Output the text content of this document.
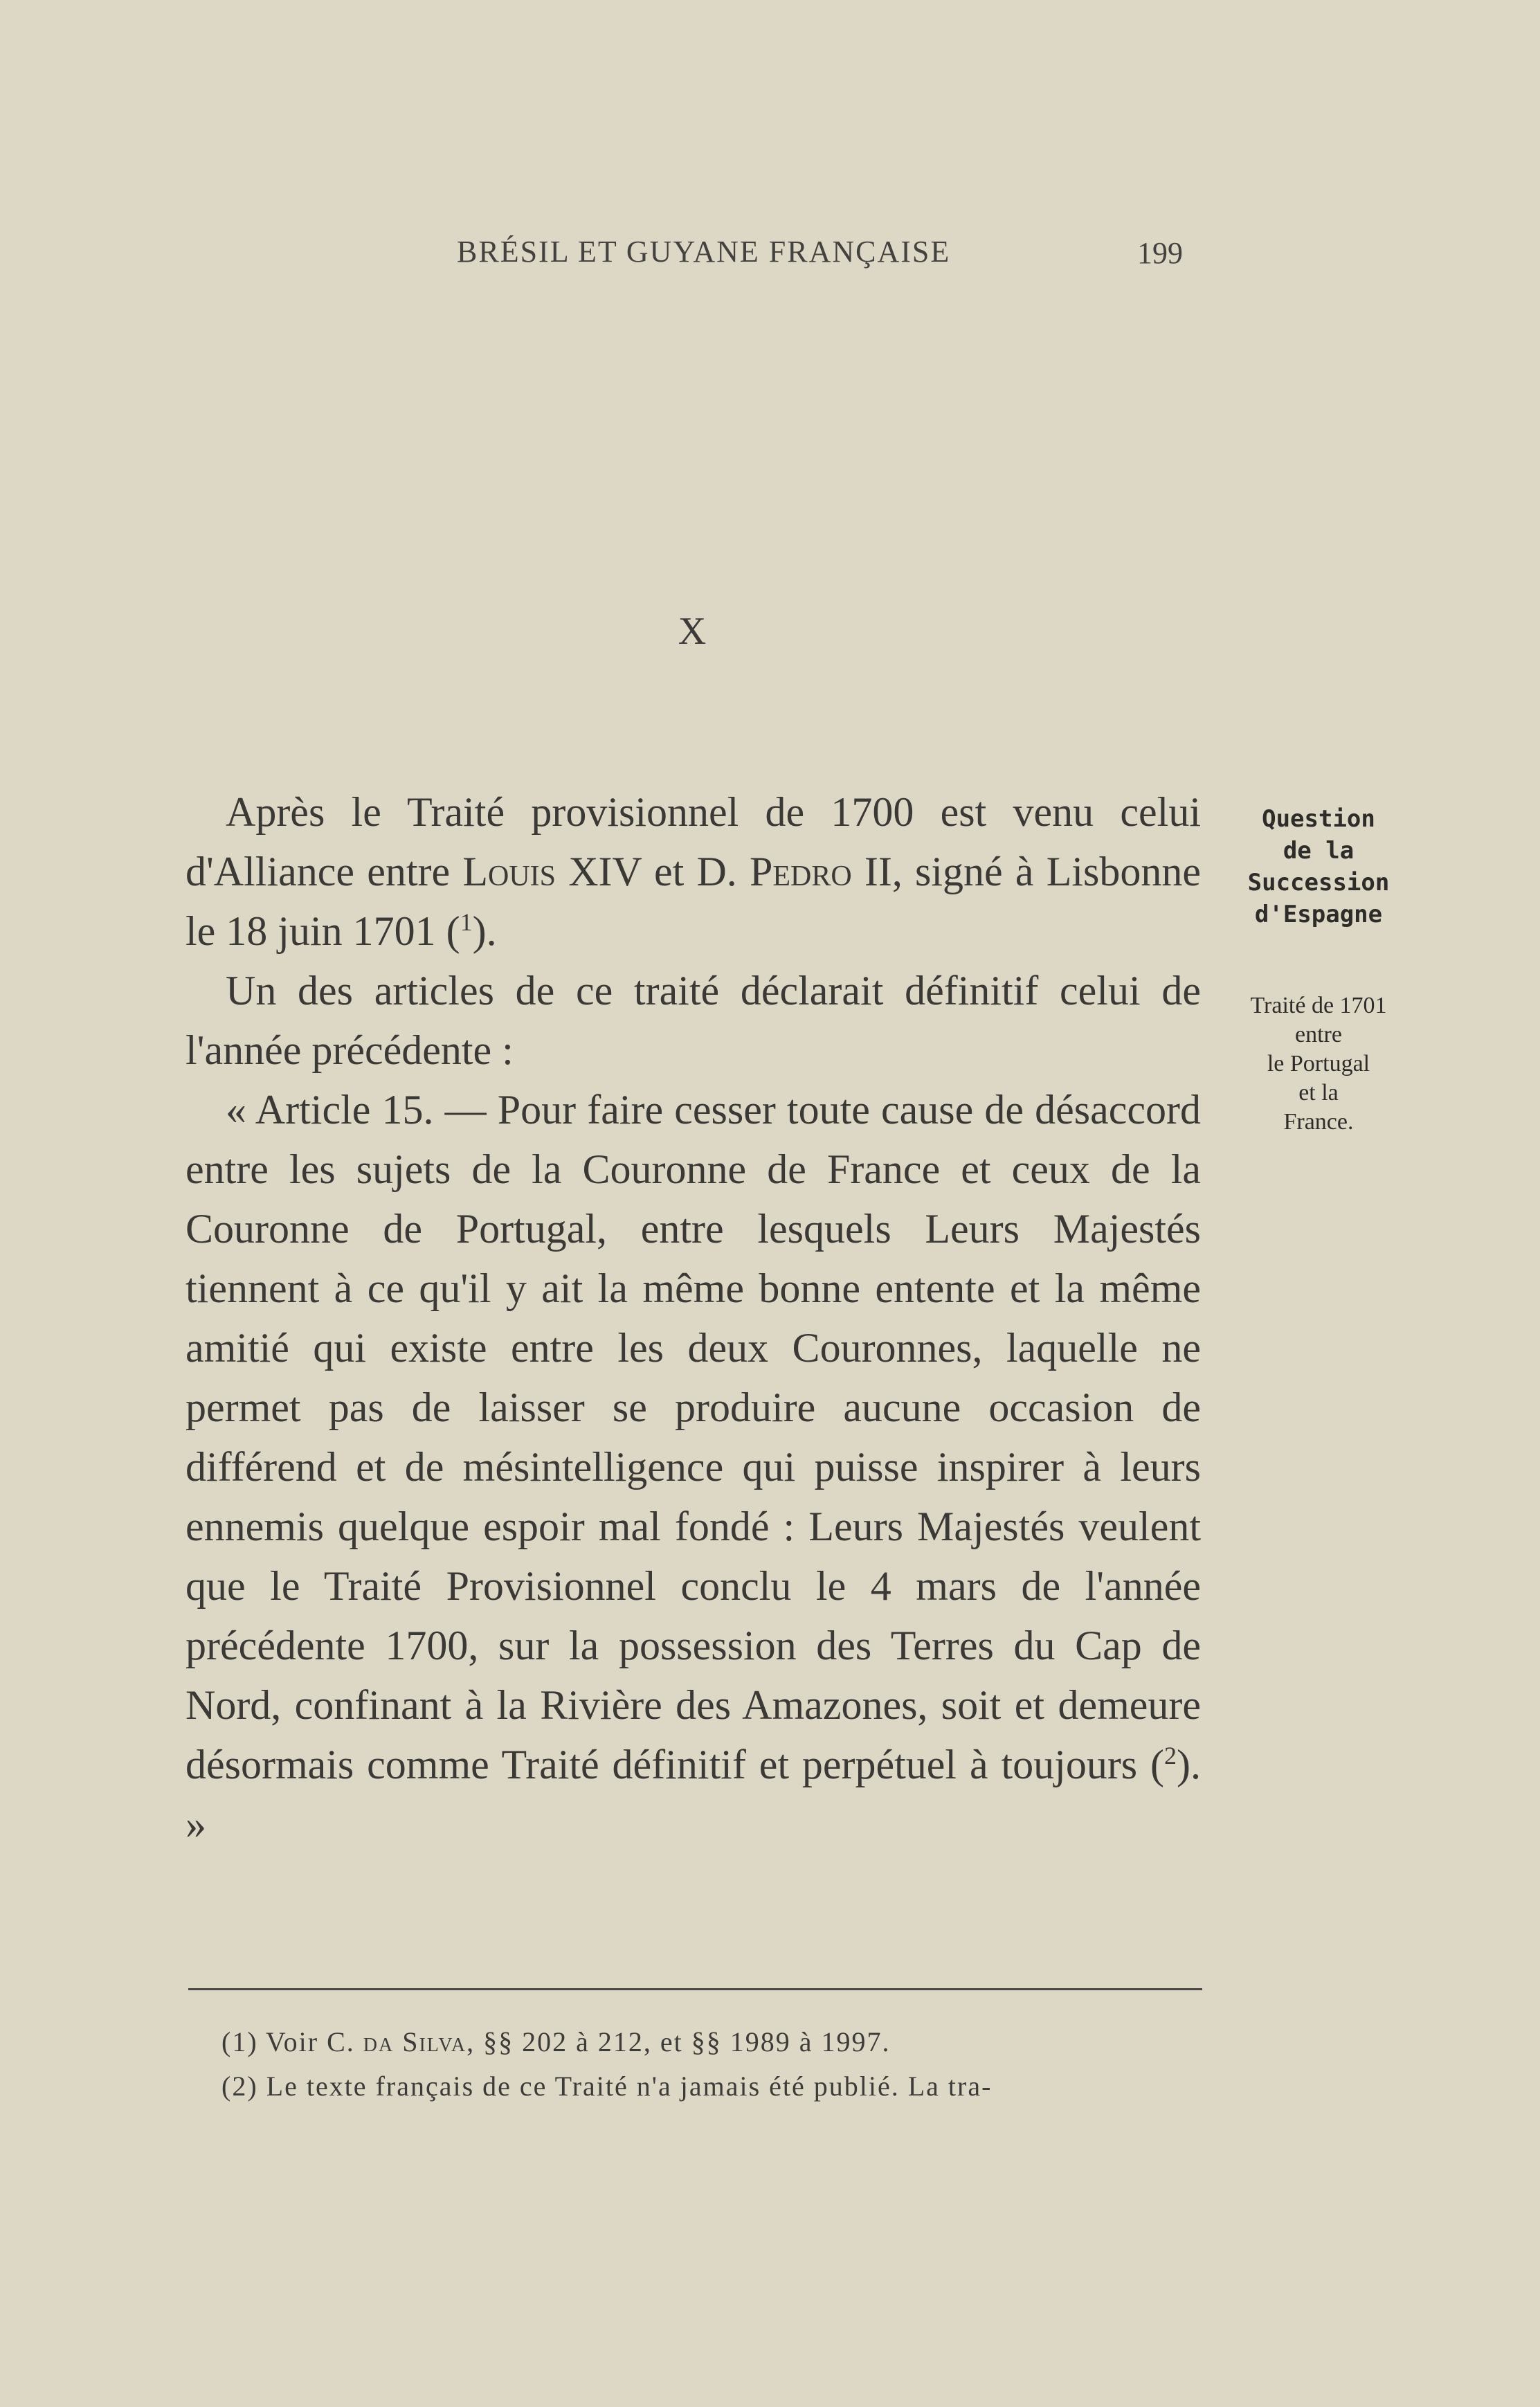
BRÉSIL ET GUYANE FRANÇAISE	199
X

Après le Traité provisionnel de 1700 est venu celui d'Alliance entre Louis XIV et D. Pedro II, signé à Lisbonne le 18 juin 1701 ($^1$).

Un des articles de ce traité déclarait définitif celui de l'année précédente :

« Article 15. — Pour faire cesser toute cause de désaccord entre les sujets de la Couronne de France et ceux de la Couronne de Portugal, entre lesquels Leurs Majestés tiennent à ce qu'il y ait la même bonne entente et la même amitié qui existe entre les deux Couronnes, laquelle ne permet pas de laisser se produire aucune occasion de différend et de mésintelligence qui puisse inspirer à leurs ennemis quelque espoir mal fondé : Leurs Majestés veulent que le Traité Provisionnel conclu le 4 mars de l'année précédente 1700, sur la possession des Terres du Cap de Nord, confinant à la Rivière des Amazones, soit et demeure désormais comme Traité définitif et perpétuel à toujours ($^2$). »

Question
de la
Succession
d'Espagne
Traité de 1701
entre
le Portugal
et la
France.

(1) Voir C. da Silva, §§ 202 à 212, et §§ 1989 à 1997.

(2) Le texte français de ce Traité n'a jamais été publié. La tra-
